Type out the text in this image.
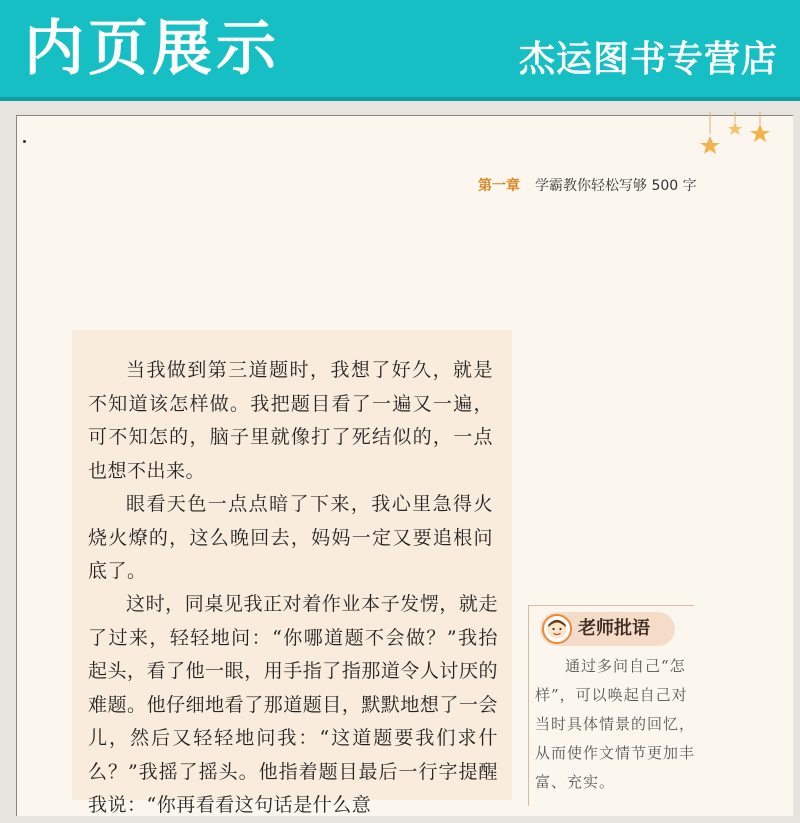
内页展示	杰运图书专营店
第一章 学霸教你轻松写够 500 字

当我做到第三道题时，我想了好久，就是不知道该怎样做。我把题目看了一遍又一遍，可不知怎的，脑子里就像打了死结似的，一点也想不出来。

眼看天色一点点暗了下来，我心里急得火烧火燎的，这么晚回去，妈妈一定又要追根问底了。

这时，同桌见我正对着作业本子发愣，就走了过来，轻轻地问：“你哪道题不会做？”我抬起头，看了他一眼，用手指了指那道令人讨厌的难题。他仔细地看了那道题目，默默地想了一会儿，然后又轻轻地问我：“这道题要我们求什么？”我摇了摇头。他指着题目最后一行字提醒我说：“你再看看这句话是什么意

老师批语

通过多问自己“怎样”，可以唤起自己对当时具体情景的回忆，从而使作文情节更加丰富、充实。
